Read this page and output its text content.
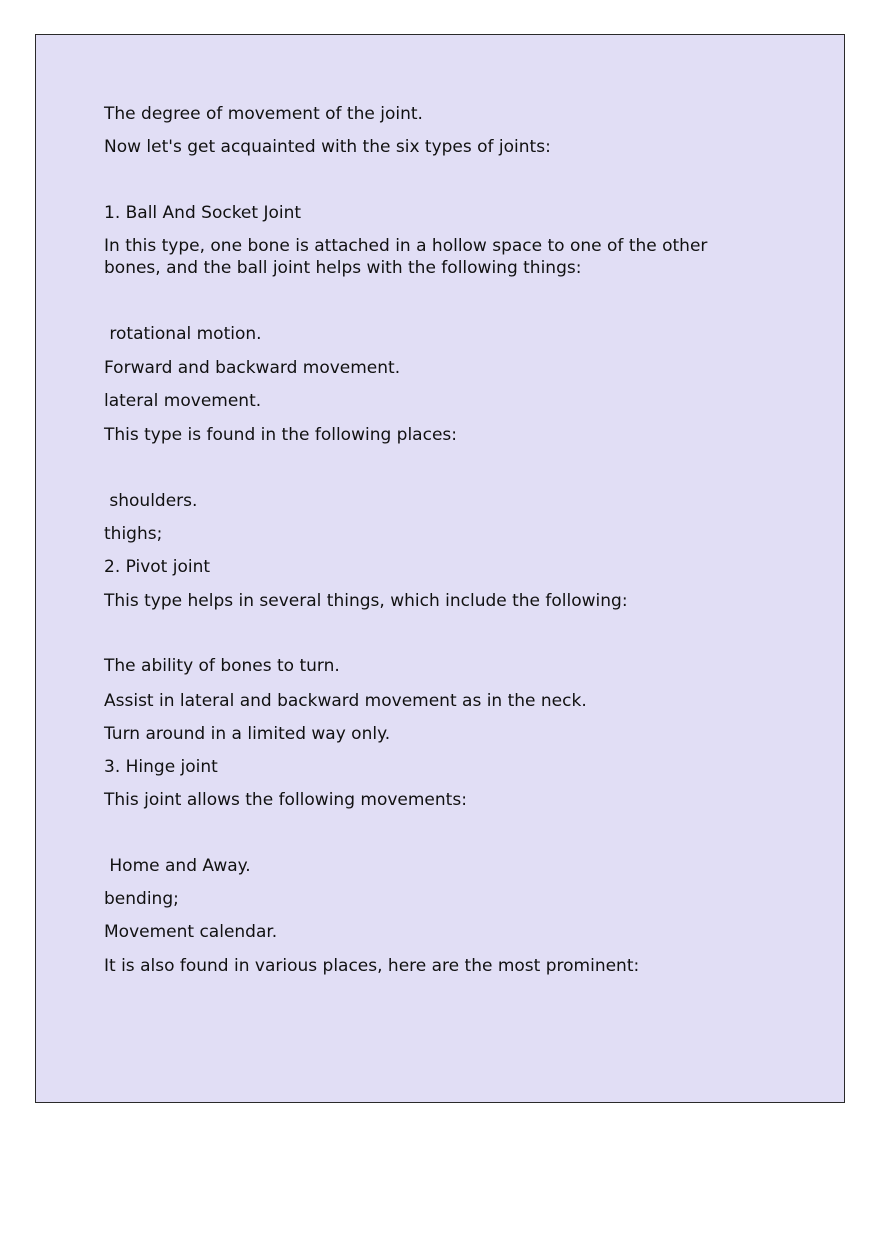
The degree of movement of the joint.
Now let's get acquainted with the six types of joints:
1. Ball And Socket Joint
In this type, one bone is attached in a hollow space to one of the other bones, and the ball joint helps with the following things:
rotational motion.
Forward and backward movement.
lateral movement.
This type is found in the following places:
shoulders.
thighs;
2. Pivot joint
This type helps in several things, which include the following:
The ability of bones to turn.
Assist in lateral and backward movement as in the neck.
Turn around in a limited way only.
3. Hinge joint
This joint allows the following movements:
Home and Away.
bending;
Movement calendar.
It is also found in various places, here are the most prominent:
